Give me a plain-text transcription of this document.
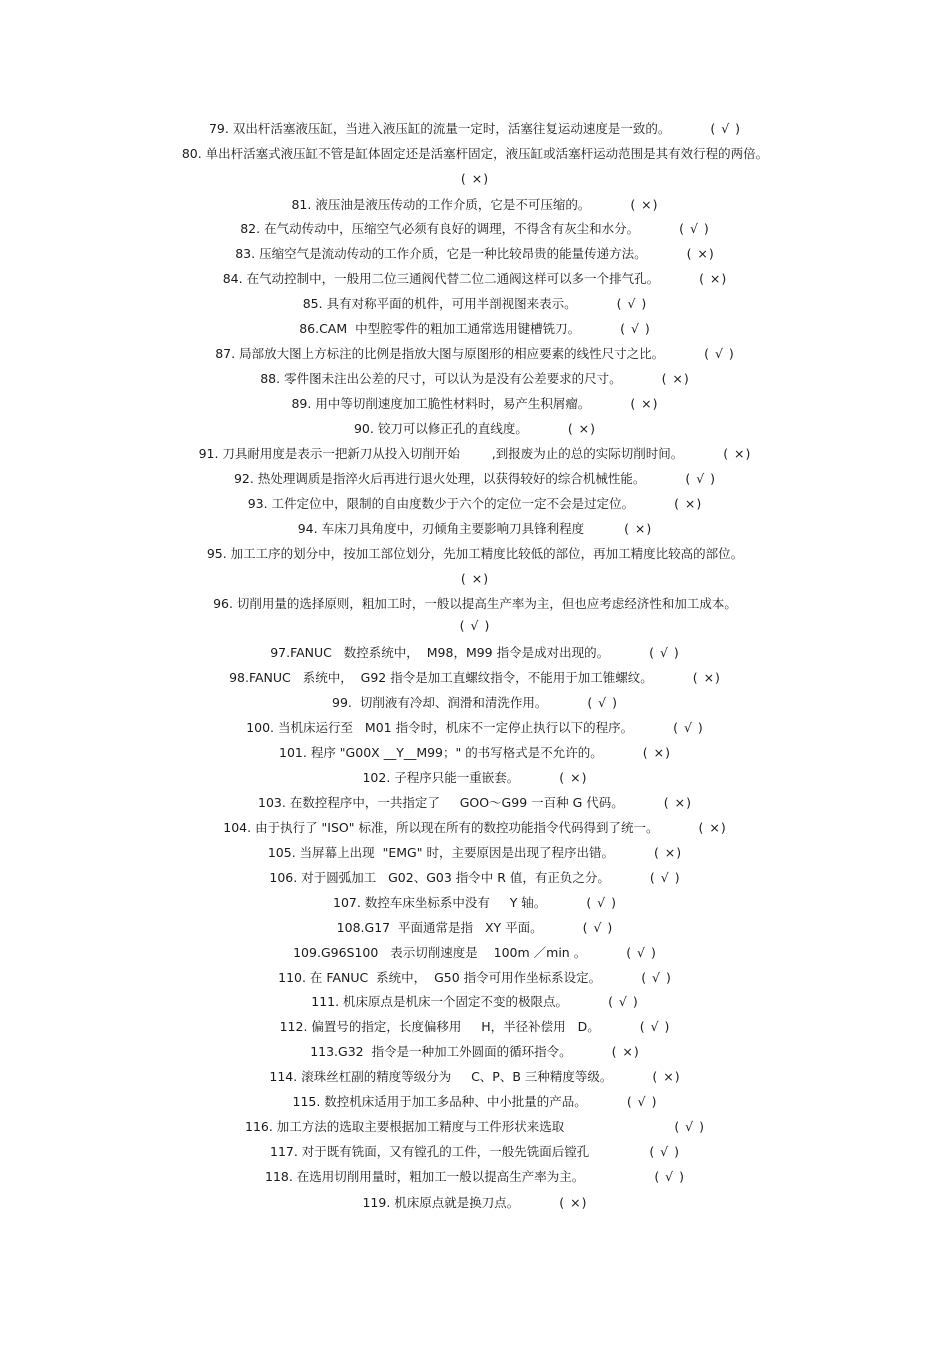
79. 双出杆活塞液压缸，当进入液压缸的流量一定时，活塞往复运动速度是一致的。	( √ )
80. 单出杆活塞式液压缸不管是缸体固定还是活塞杆固定，液压缸或活塞杆运动范围是其有效行程的两倍。
( ×)
81. 液压油是液压传动的工作介质，它是不可压缩的。	( ×)
82. 在气动传动中，压缩空气必须有良好的调理，不得含有灰尘和水分。	( √ )
83. 压缩空气是流动传动的工作介质，它是一种比较昂贵的能量传递方法。	( ×)
84. 在气动控制中，一般用二位三通阀代替二位二通阀这样可以多一个排气孔。	( ×)
85. 具有对称平面的机件，可用半剖视图来表示。	( √ )
86.CAM  中型腔零件的粗加工通常选用键槽铣刀。	( √ )
87. 局部放大图上方标注的比例是指放大图与原图形的相应要素的线性尺寸之比。	( √ )
88. 零件图未注出公差的尺寸，可以认为是没有公差要求的尺寸。	( ×)
89. 用中等切削速度加工脆性材料时，易产生积屑瘤。	( ×)
90. 铰刀可以修正孔的直线度。	( ×)
91. 刀具耐用度是表示一把新刀从投入切削开始        ,到报废为止的总的实际切削时间。	( ×)
92. 热处理调质是指淬火后再进行退火处理，以获得较好的综合机械性能。	( √ )
93. 工件定位中，限制的自由度数少于六个的定位一定不会是过定位。	( ×)
94. 车床刀具角度中，刃倾角主要影响刀具锋利程度	( ×)
95. 加工工序的划分中，按加工部位划分，先加工精度比较低的部位，再加工精度比较高的部位。
( ×)
96. 切削用量的选择原则，粗加工时，一般以提高生产率为主，但也应考虑经济性和加工成本。
( √ )
97.FANUC   数控系统中，  M98，M99 指令是成对出现的。	( √ )
98.FANUC   系统中，  G92 指令是加工直螺纹指令，不能用于加工锥螺纹。	( ×)
99.  切削液有冷却、润滑和清洗作用。	( √ )
100. 当机床运行至   M01 指令时，机床不一定停止执行以下的程序。	( √ )
101. 程序 "G00X __Y__M99；" 的书写格式是不允许的。	( ×)
102. 子程序只能一重嵌套。	( ×)
103. 在数控程序中，一共指定了     GOO～G99 一百种 G 代码。	( ×)
104. 由于执行了 "ISO" 标准，所以现在所有的数控功能指令代码得到了统一。	( ×)
105. 当屏幕上出现  "EMG" 时，主要原因是出现了程序出错。	( ×)
106. 对于圆弧加工   G02、G03 指令中 R 值，有正负之分。	( √ )
107. 数控车床坐标系中没有     Y 轴。	( √ )
108.G17  平面通常是指   XY 平面。	( √ )
109.G96S100   表示切削速度是    100m ／min 。	( √ )
110. 在 FANUC  系统中，  G50 指令可用作坐标系设定。	( √ )
111. 机床原点是机床一个固定不变的极限点。	( √ )
112. 偏置号的指定，长度偏移用     H，半径补偿用   D。	( √ )
113.G32  指令是一种加工外圆面的循环指令。	( ×)
114. 滚珠丝杠副的精度等级分为     C、P、B 三种精度等级。	( ×)
115. 数控机床适用于加工多品种、中小批量的产品。	( √ )
116. 加工方法的选取主要根据加工精度与工件形状来选取	( √ )
117. 对于既有铣面，又有镗孔的工件，一般先铣面后镗孔	( √ )
118. 在选用切削用量时，粗加工一般以提高生产率为主。	( √ )
119. 机床原点就是换刀点。	( ×)
